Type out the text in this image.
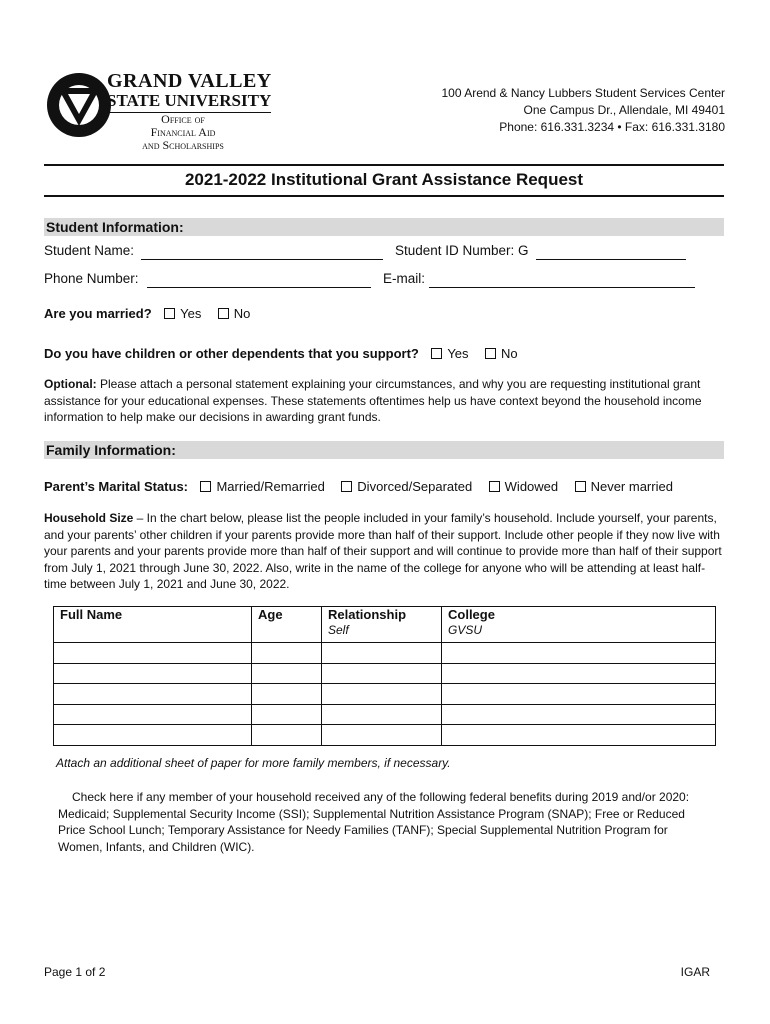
GRAND VALLEY
STATE UNIVERSITY
Office of
Financial Aid
and Scholarships
100 Arend & Nancy Lubbers Student Services Center
One Campus Dr., Allendale, MI 49401
Phone: 616.331.3234 • Fax: 616.331.3180
2021-2022 Institutional Grant Assistance Request
Student Information:
Student Name:	Student ID Number: G
Phone Number:	E-mail:
Are you married? Yes No
Do you have children or other dependents that you support? Yes No
Optional: Please attach a personal statement explaining your circumstances, and why you are requesting institutional grant assistance for your educational expenses. These statements oftentimes help us have context beyond the household income information to help make our decisions in awarding grant funds.
Family Information:
Parent’s Marital Status: Married/Remarried Divorced/Separated Widowed Never married
Household Size – In the chart below, please list the people included in your family’s household. Include yourself, your parents, and your parents’ other children if your parents provide more than half of their support. Include other people if they now live with your parents and your parents provide more than half of their support and will continue to provide more than half of their support from July 1, 2021 through June 30, 2022. Also, write in the name of the college for anyone who will be attending at least half-time between July 1, 2021 and June 30, 2022.
Full Name	Age	Relationship	College
		Self	GVSU

Attach an additional sheet of paper for more family members, if necessary.
Check here if any member of your household received any of the following federal benefits during 2019 and/or 2020: Medicaid; Supplemental Security Income (SSI); Supplemental Nutrition Assistance Program (SNAP); Free or Reduced Price School Lunch; Temporary Assistance for Needy Families (TANF); Special Supplemental Nutrition Program for Women, Infants, and Children (WIC).
Page 1 of 2	IGAR
